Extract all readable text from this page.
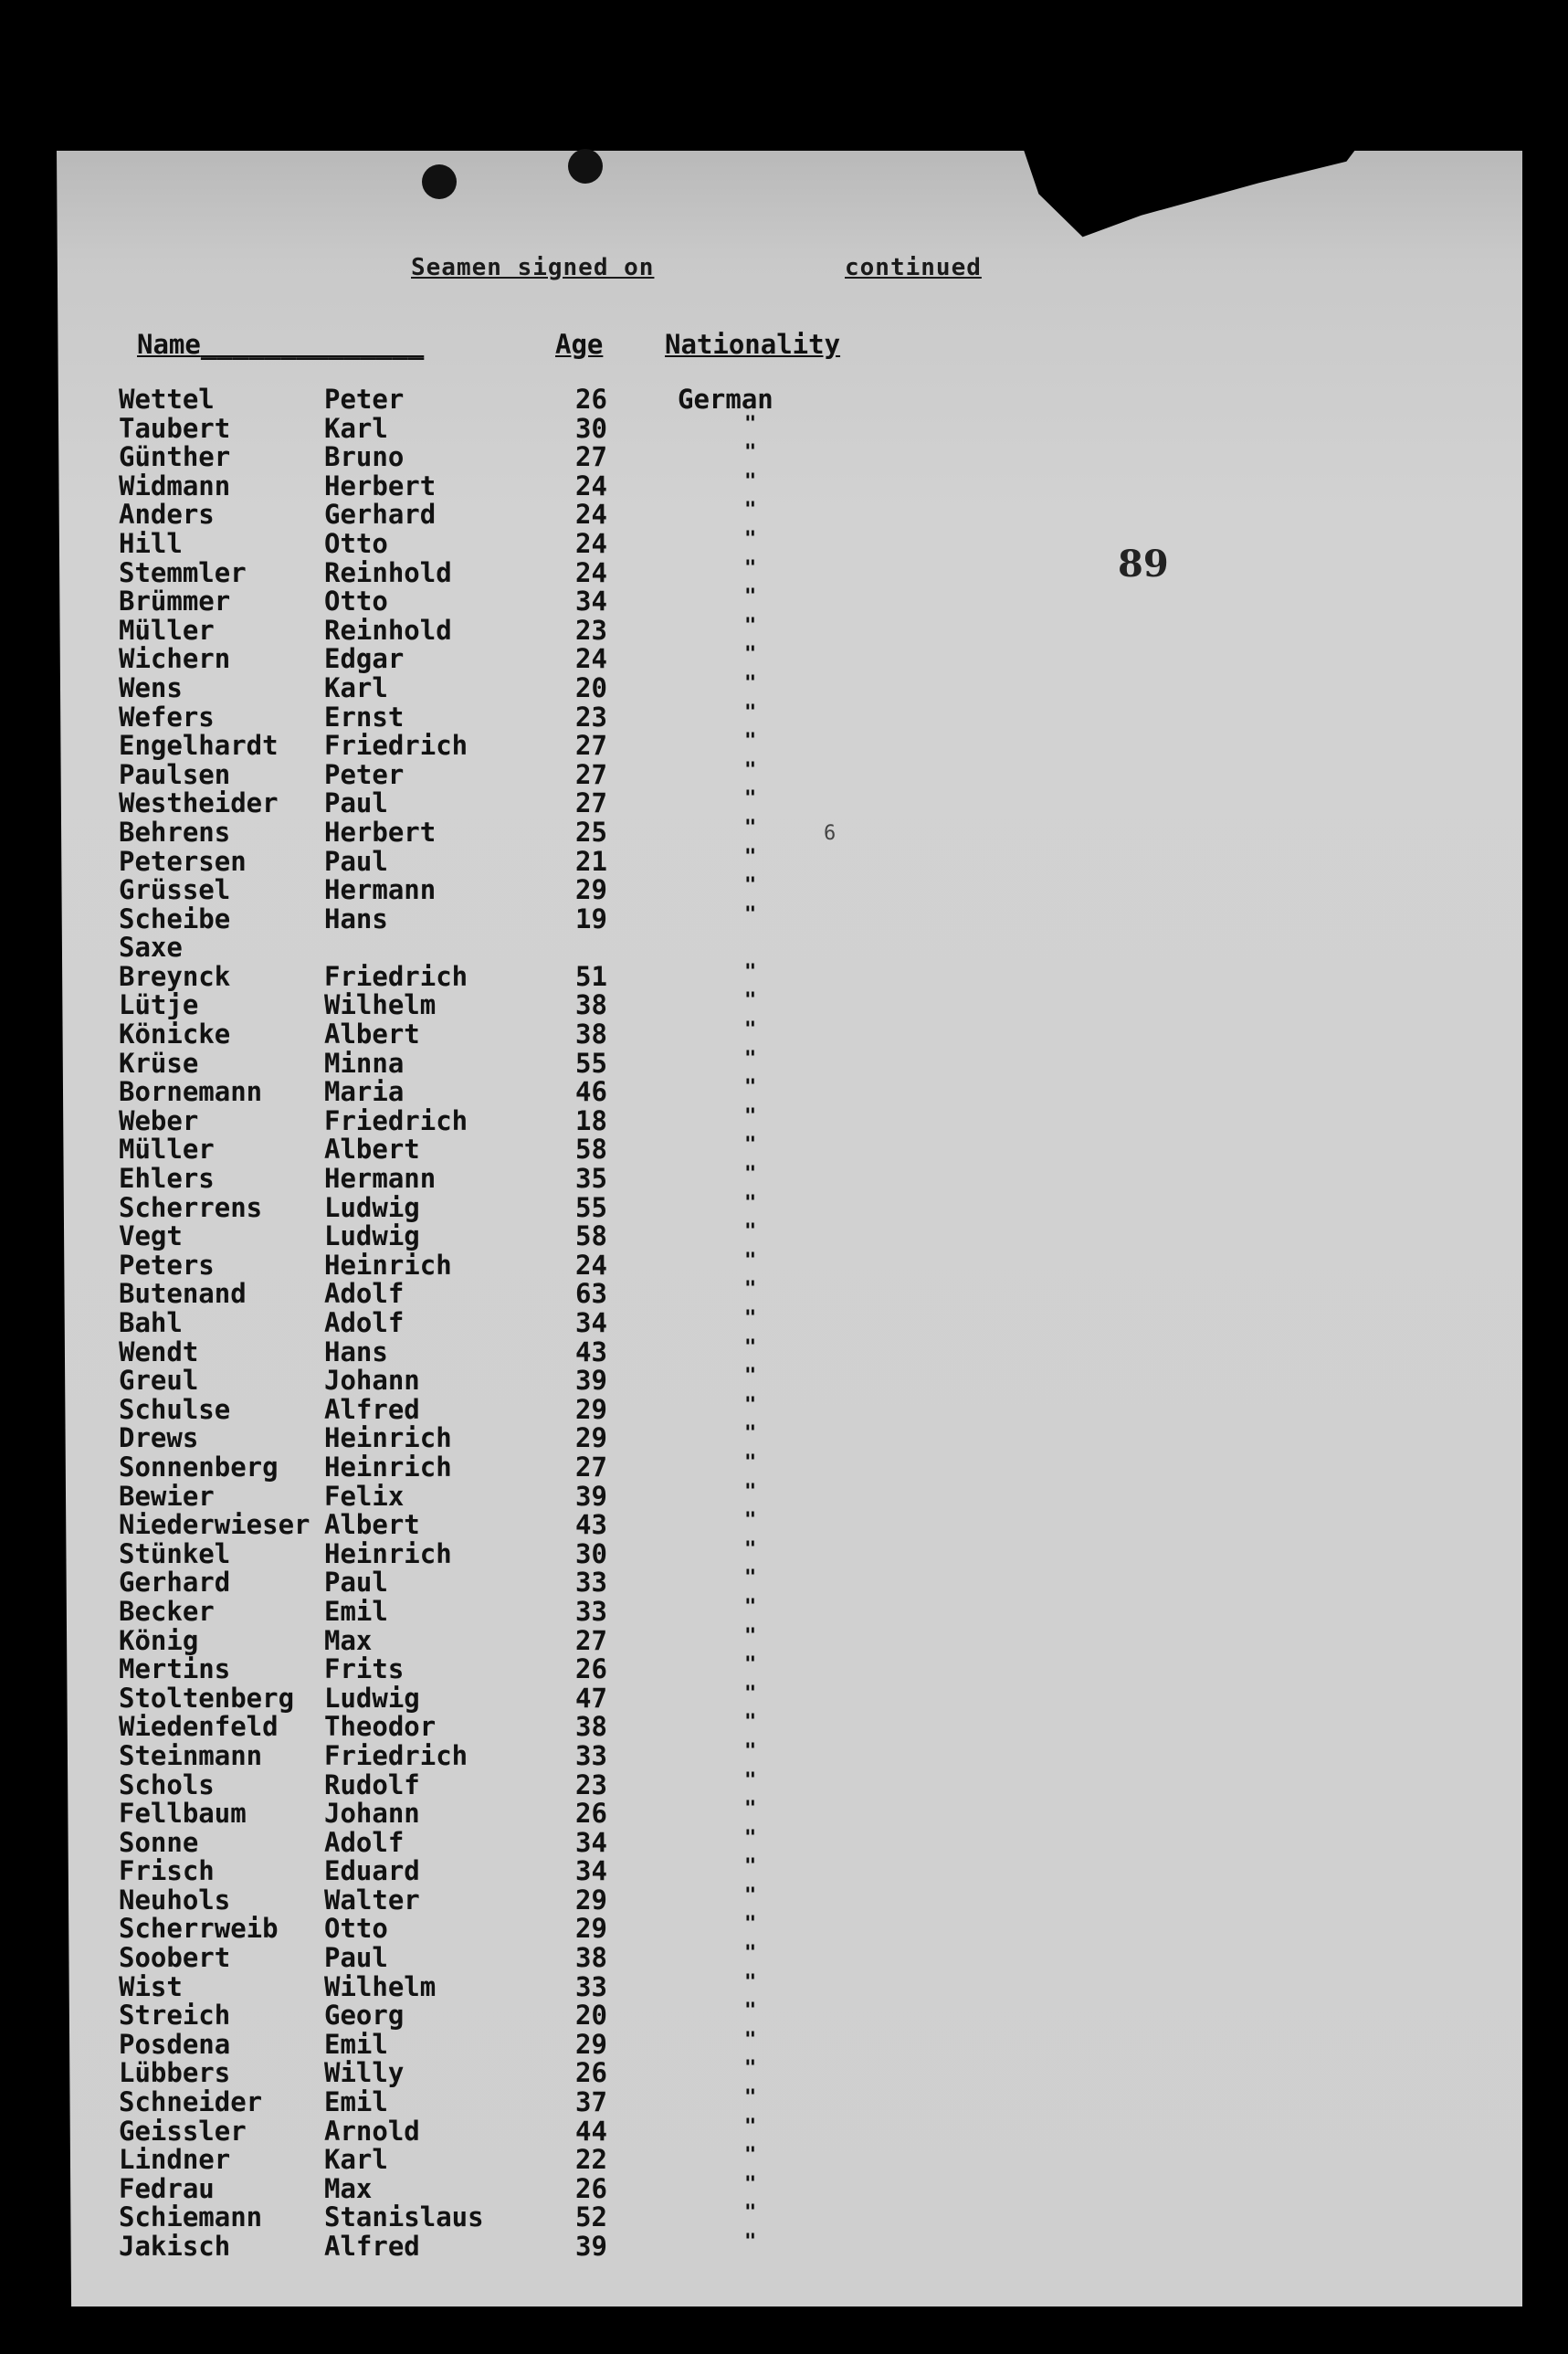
Seamen signed on	continued
Name______________	Age Nationality
89
6
Wettel	Peter	26	German
Taubert	Karl	30	"
Günther	Bruno	27	"
Widmann	Herbert	24	"
Anders	Gerhard	24	"
Hill	Otto	24	"
Stemmler	Reinhold	24	"
Brümmer	Otto	34	"
Müller	Reinhold	23	"
Wichern	Edgar	24	"
Wens	Karl	20	"
Wefers	Ernst	23	"
Engelhardt Friedrich	27	"
Paulsen	Peter	27	"
Westheider Paul	27	"
Behrens	Herbert	25	"
Petersen	Paul	21	"
Grüssel	Hermann	29	"
Scheibe	Hans	19	"
Saxe
Breynck	Friedrich	51	"
Lütje	Wilhelm	38	"
Könicke	Albert	38	"
Krüse	Minna	55	"
Bornemann Maria	46	"
Weber	Friedrich	18	"
Müller	Albert	58	"
Ehlers	Hermann	35	"
Scherrens Ludwig	55	"
Vegt	Ludwig	58	"
Peters	Heinrich	24	"
Butenand	Adolf	63	"
Bahl	Adolf	34	"
Wendt	Hans	43	"
Greul	Johann	39	"
Schulse	Alfred	29	"
Drews	Heinrich	29	"
Sonnenberg Heinrich	27	"
Bewier	Felix	39	"
Niederwieser Albert	43	"
Stünkel	Heinrich	30	"
Gerhard	Paul	33	"
Becker	Emil	33	"
König	Max	27	"
Mertins	Frits	26	"
Stoltenberg Ludwig	47	"
Wiedenfeld Theodor	38	"
Steinmann Friedrich	33	"
Schols	Rudolf	23	"
Fellbaum	Johann	26	"
Sonne	Adolf	34	"
Frisch	Eduard	34	"
Neuhols	Walter	29	"
Scherrweib Otto	29	"
Soobert	Paul	38	"
Wist	Wilhelm	33	"
Streich	Georg	20	"
Posdena	Emil	29	"
Lübbers	Willy	26	"
Schneider Emil	37	"
Geissler	Arnold	44	"
Lindner	Karl	22	"
Fedrau	Max	26	"
Schiemann Stanislaus	52	"
Jakisch	Alfred	39	"
